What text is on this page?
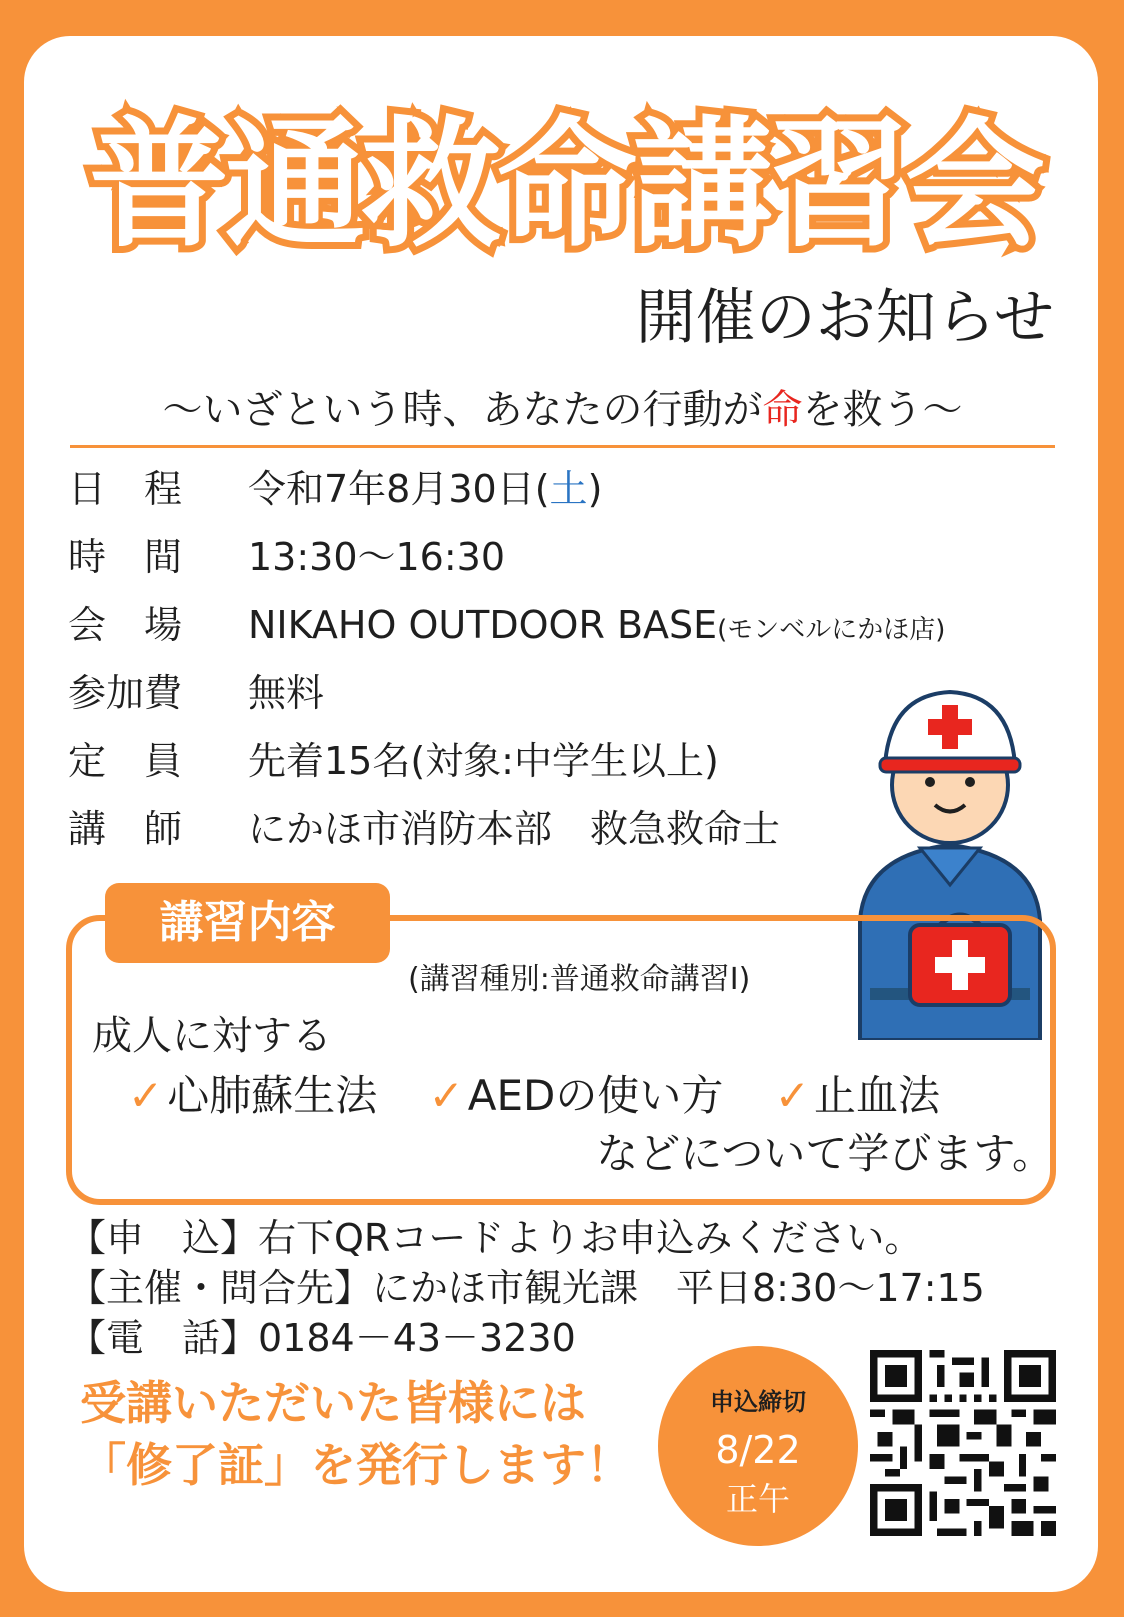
普通救命講習会
開催のお知らせ
～いざという時、あなたの行動が命を救う～
日　程 令和7年8月30日(土)
時　間 13:30～16:30
会　場 NIKAHO OUTDOOR BASE(モンベルにかほ店)
参加費 無料
定　員 先着15名(対象:中学生以上)
講　師 にかほ市消防本部　救急救命士
講習内容
(講習種別:普通救命講習Ⅰ)
成人に対する
✓心肺蘇生法 ✓AEDの使い方 ✓止血法
などについて学びます。
【申　込】右下QRコードよりお申込みください。
【主催・問合先】にかほ市観光課　平日8:30～17:15
【電　話】0184－43－3230
受講いただいた皆様には
「修了証」を発行します！
申込締切
8/22
正午
